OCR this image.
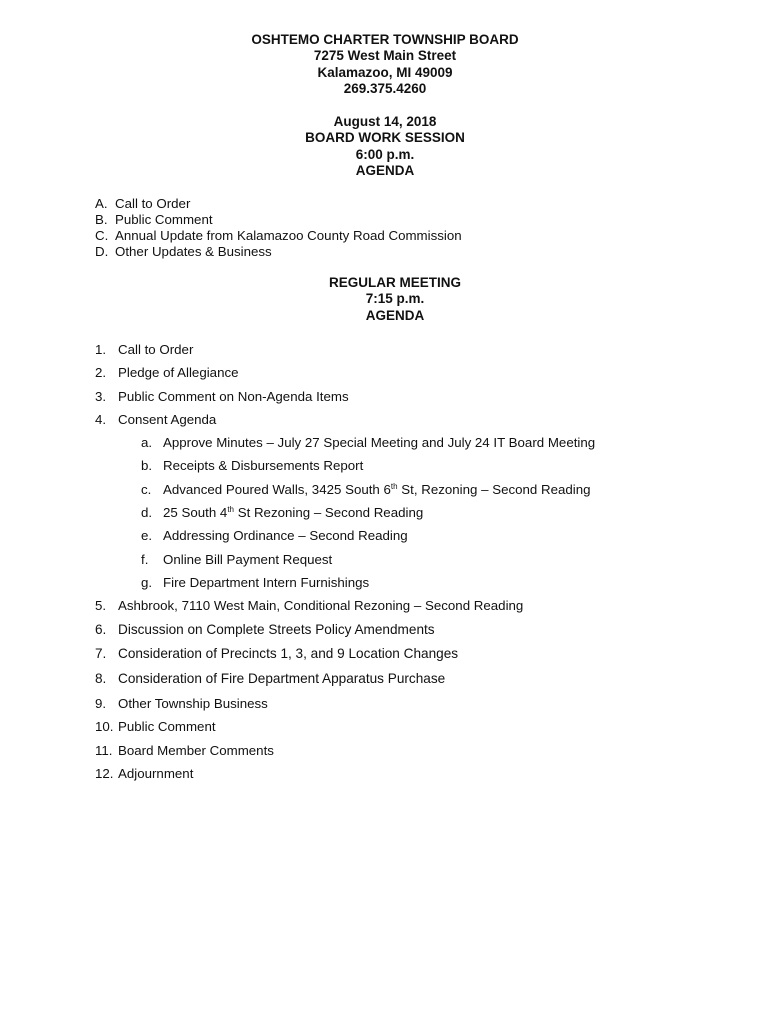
OSHTEMO CHARTER TOWNSHIP BOARD
7275 West Main Street
Kalamazoo, MI 49009
269.375.4260
August 14, 2018
BOARD WORK SESSION
6:00 p.m.
AGENDA
A. Call to Order
B. Public Comment
C. Annual Update from Kalamazoo County Road Commission
D. Other Updates & Business
REGULAR MEETING
7:15 p.m.
AGENDA
1. Call to Order
2. Pledge of Allegiance
3. Public Comment on Non-Agenda Items
4. Consent Agenda
a. Approve Minutes – July 27 Special Meeting and July 24 IT Board Meeting
b. Receipts & Disbursements Report
c. Advanced Poured Walls, 3425 South 6th St, Rezoning – Second Reading
d. 25 South 4th St Rezoning – Second Reading
e. Addressing Ordinance – Second Reading
f. Online Bill Payment Request
g. Fire Department Intern Furnishings
5. Ashbrook, 7110 West Main, Conditional Rezoning – Second Reading
6. Discussion on Complete Streets Policy Amendments
7. Consideration of Precincts 1, 3, and 9 Location Changes
8. Consideration of Fire Department Apparatus Purchase
9. Other Township Business
10. Public Comment
11. Board Member Comments
12. Adjournment
